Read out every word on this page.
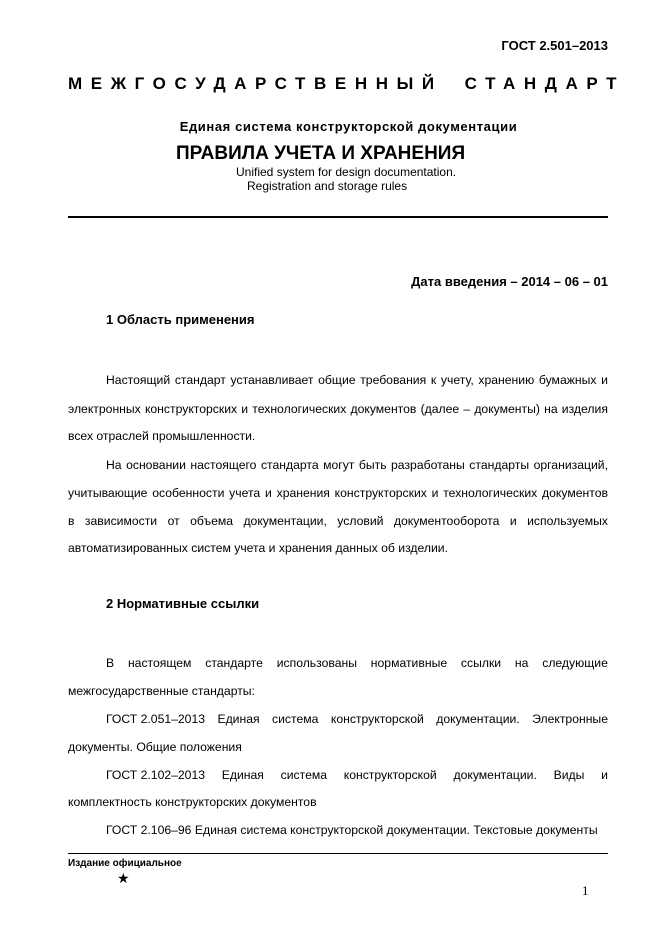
ГОСТ 2.501–2013
МЕЖГОСУДАРСТВЕННЫЙ СТАНДАРТ
Единая система конструкторской документации
ПРАВИЛА УЧЕТА И ХРАНЕНИЯ
Unified system for design documentation.
Registration and storage rules
Дата введения – 2014 – 06 – 01
1 Область применения
Настоящий стандарт устанавливает общие требования к учету, хранению бумажных и
электронных конструкторских и технологических документов (далее – документы) на изделия
всех отраслей промышленности.
На основании настоящего стандарта могут быть разработаны стандарты организаций,
учитывающие особенности учета и хранения конструкторских и технологических документов
в зависимости от объема документации, условий документооборота и используемых
автоматизированных систем учета и хранения данных об изделии.
2 Нормативные ссылки
В настоящем стандарте использованы нормативные ссылки на следующие
межгосударственные стандарты:
ГОСТ 2.051–2013 Единая система конструкторской документации. Электронные
документы. Общие положения
ГОСТ 2.102–2013 Единая система конструкторской документации. Виды и
комплектность конструкторских документов
ГОСТ 2.106–96 Единая система конструкторской документации. Текстовые документы
Издание официальное
★
1
